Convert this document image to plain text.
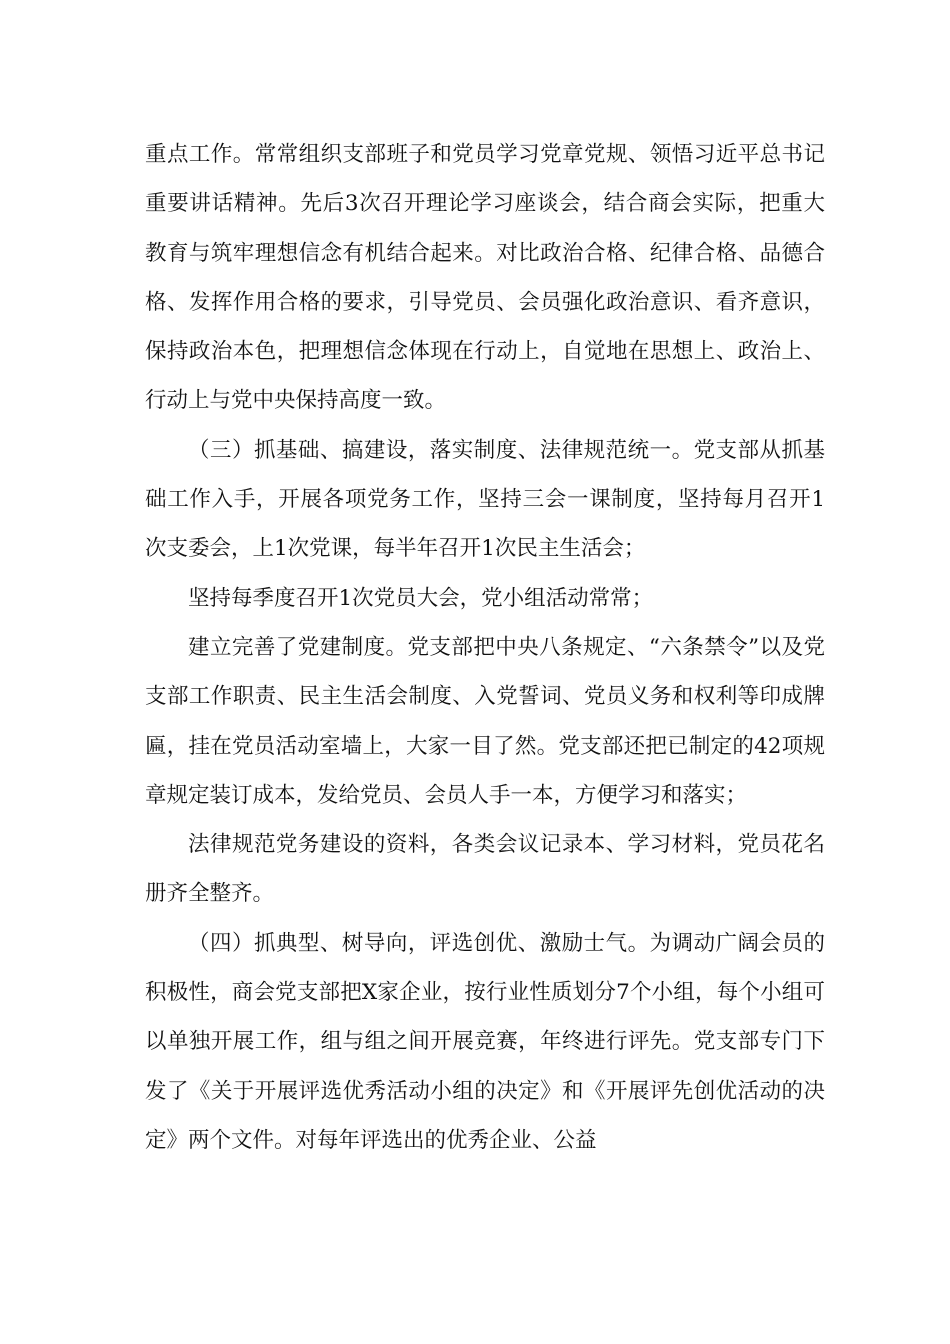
重点工作。常常组织支部班子和党员学习党章党规、领悟习近平总书记重要讲话精神。先后3次召开理论学习座谈会，结合商会实际，把重大教育与筑牢理想信念有机结合起来。对比政治合格、纪律合格、品德合格、发挥作用合格的要求，引导党员、会员强化政治意识、看齐意识，保持政治本色，把理想信念体现在行动上，自觉地在思想上、政治上、行动上与党中央保持高度一致。

（三）抓基础、搞建设，落实制度、法律规范统一。党支部从抓基础工作入手，开展各项党务工作，坚持三会一课制度，坚持每月召开1次支委会，上1次党课，每半年召开1次民主生活会；

坚持每季度召开1次党员大会，党小组活动常常；

建立完善了党建制度。党支部把中央八条规定、“六条禁令”以及党支部工作职责、民主生活会制度、入党誓词、党员义务和权利等印成牌匾，挂在党员活动室墙上，大家一目了然。党支部还把已制定的42项规章规定装订成本，发给党员、会员人手一本，方便学习和落实；

法律规范党务建设的资料，各类会议记录本、学习材料，党员花名册齐全整齐。

（四）抓典型、树导向，评选创优、激励士气。为调动广阔会员的积极性，商会党支部把X家企业，按行业性质划分7个小组，每个小组可以单独开展工作，组与组之间开展竞赛，年终进行评先。党支部专门下发了《关于开展评选优秀活动小组的决定》和《开展评先创优活动的决定》两个文件。对每年评选出的优秀企业、公益
